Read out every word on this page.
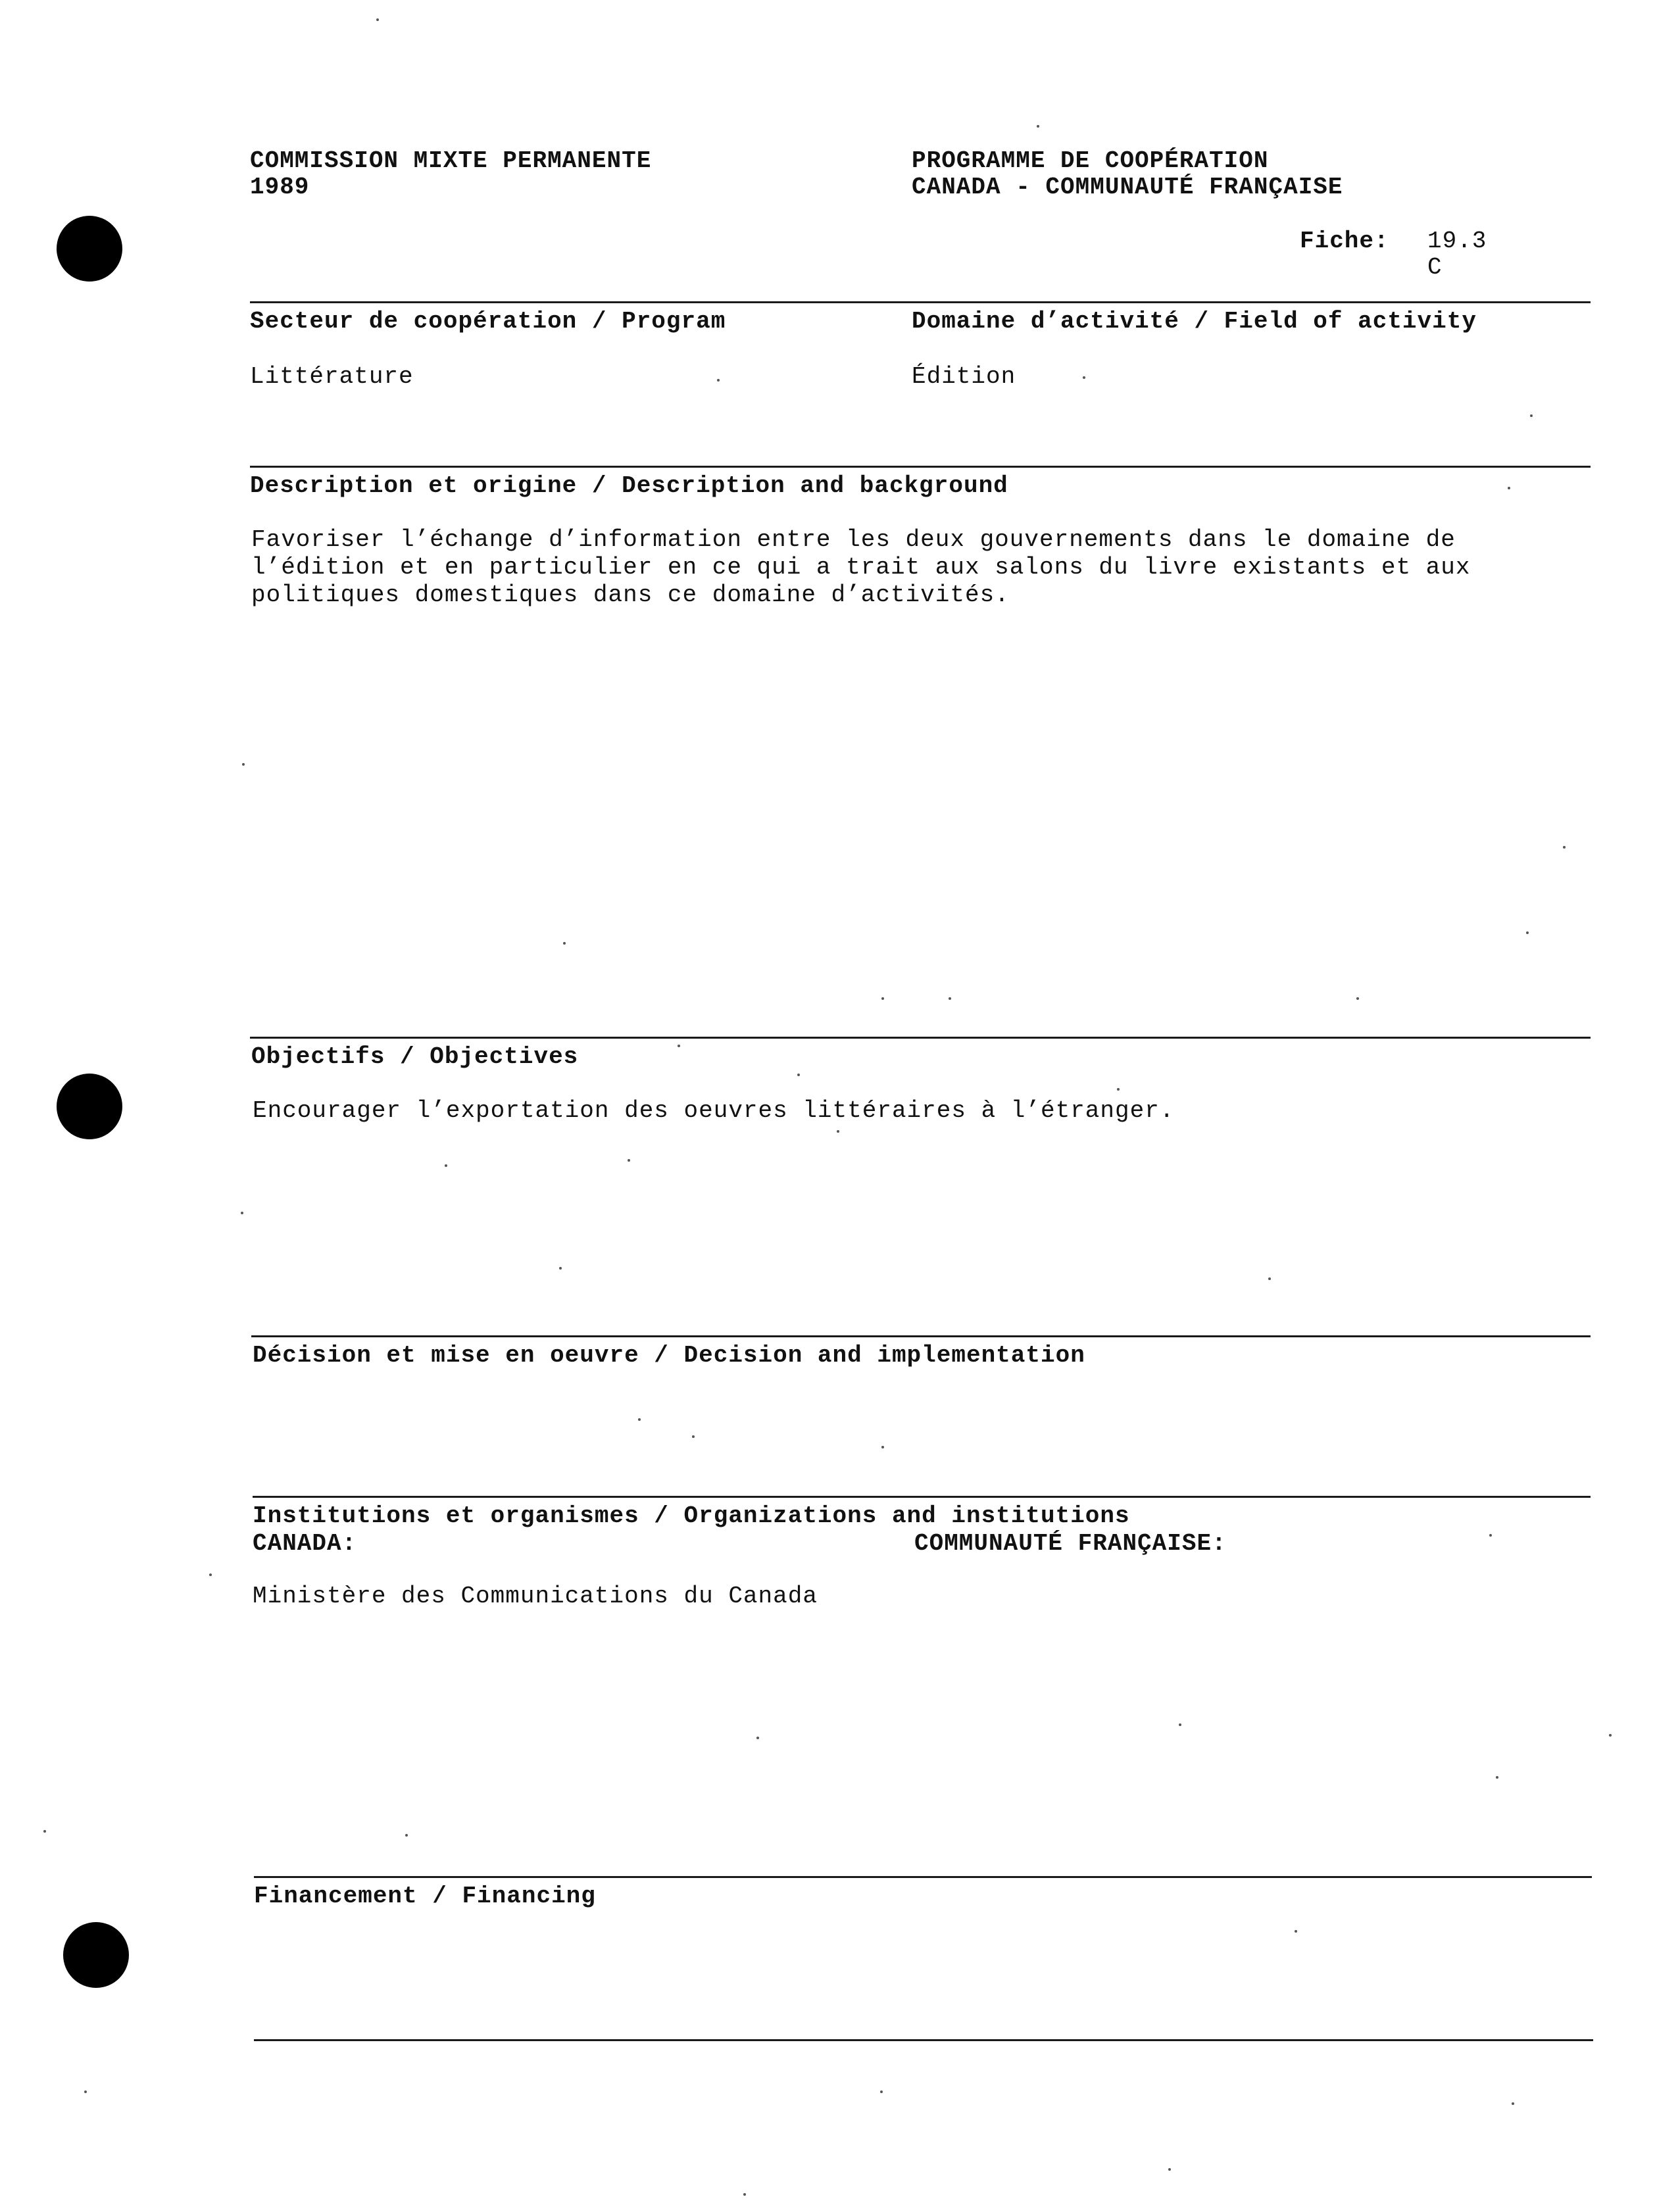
COMMISSION MIXTE PERMANENTE
1989
PROGRAMME DE COOPÉRATION
CANADA - COMMUNAUTÉ FRANÇAISE
Fiche: 19.3
C
Secteur de coopération / Program	Domaine d’activité / Field of activity
Littérature	Édition
Description et origine / Description and background
Favoriser l’échange d’information entre les deux gouvernements dans le domaine de
l’édition et en particulier en ce qui a trait aux salons du livre existants et aux
politiques domestiques dans ce domaine d’activités.
Objectifs / Objectives
Encourager l’exportation des oeuvres littéraires à l’étranger.
Décision et mise en oeuvre / Decision and implementation
Institutions et organismes / Organizations and institutions
CANADA:	COMMUNAUTÉ FRANÇAISE:
Ministère des Communications du Canada
Financement / Financing
